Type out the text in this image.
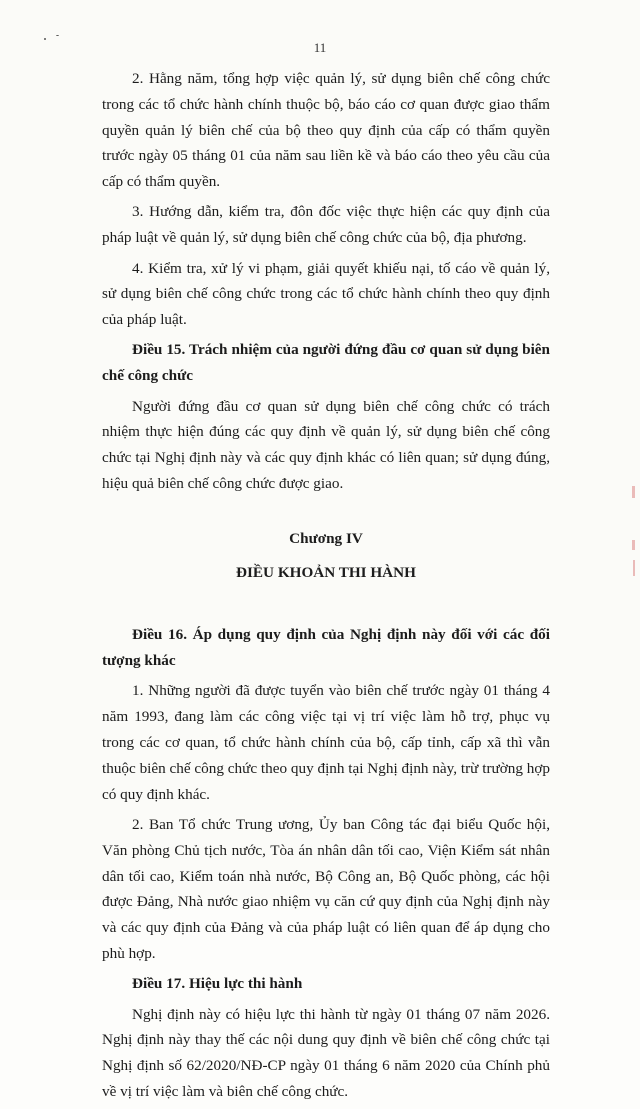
11

2. Hằng năm, tổng hợp việc quản lý, sử dụng biên chế công chức trong các tổ chức hành chính thuộc bộ, báo cáo cơ quan được giao thẩm quyền quản lý biên chế của bộ theo quy định của cấp có thẩm quyền trước ngày 05 tháng 01 của năm sau liền kề và báo cáo theo yêu cầu của cấp có thẩm quyền.

3. Hướng dẫn, kiểm tra, đôn đốc việc thực hiện các quy định của pháp luật về quản lý, sử dụng biên chế công chức của bộ, địa phương.

4. Kiểm tra, xử lý vi phạm, giải quyết khiếu nại, tố cáo về quản lý, sử dụng biên chế công chức trong các tổ chức hành chính theo quy định của pháp luật.

Điều 15. Trách nhiệm của người đứng đầu cơ quan sử dụng biên chế công chức

Người đứng đầu cơ quan sử dụng biên chế công chức có trách nhiệm thực hiện đúng các quy định về quản lý, sử dụng biên chế công chức tại Nghị định này và các quy định khác có liên quan; sử dụng đúng, hiệu quả biên chế công chức được giao.

Chương IV

ĐIỀU KHOẢN THI HÀNH

Điều 16. Áp dụng quy định của Nghị định này đối với các đối tượng khác

1. Những người đã được tuyển vào biên chế trước ngày 01 tháng 4 năm 1993, đang làm các công việc tại vị trí việc làm hỗ trợ, phục vụ trong các cơ quan, tổ chức hành chính của bộ, cấp tỉnh, cấp xã thì vẫn thuộc biên chế công chức theo quy định tại Nghị định này, trừ trường hợp có quy định khác.

2. Ban Tổ chức Trung ương, Ủy ban Công tác đại biểu Quốc hội, Văn phòng Chủ tịch nước, Tòa án nhân dân tối cao, Viện Kiểm sát nhân dân tối cao, Kiểm toán nhà nước, Bộ Công an, Bộ Quốc phòng, các hội được Đảng, Nhà nước giao nhiệm vụ căn cứ quy định của Nghị định này và các quy định của Đảng và của pháp luật có liên quan để áp dụng cho phù hợp.

Điều 17. Hiệu lực thi hành

Nghị định này có hiệu lực thi hành từ ngày 01 tháng 07 năm 2026. Nghị định này thay thế các nội dung quy định về biên chế công chức tại Nghị định số 62/2020/NĐ-CP ngày 01 tháng 6 năm 2020 của Chính phủ về vị trí việc làm và biên chế công chức.
